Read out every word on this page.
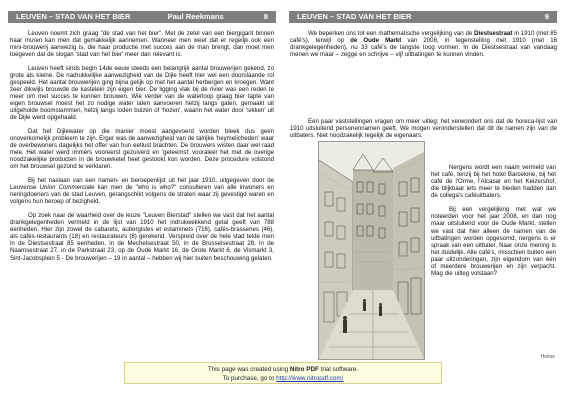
LEUVEN – STAD VAN HET BIER	Paul Reekmans	8

Leuven noemt zich graag "de stad van het bier". Met de zetel van een biergigant binnen haar muren kan men dat gemakkelijk aannemen. Wanneer men weet dat er regelijk ook een mini-brouwerij aanwezig is, die haar productie met succes aan de man brengt, dan moet men toegeven dat de slogan 'stad van het bier' meer dan relevant is.

Leuven heeft sinds begin 14de eeuw steeds een belangrijk aantal brouwerijen gekend, zo grote als kleine. De nadrukkelijke aanwezigheid van de Dijle heeft hier wel een doorslaande rol gespeeld. Het aantal brouwerijen ging bijna gelijk op met het aantal herbergen en kroegen. Want zeer dikwijls brouwde de kastelein zijn eigen bier. De ligging vlak bij de rivier was een reden te meer om met succes te kunnen brouwen. Wie verder van de waterloop graag bier tapte van eigen brouwsel moest het zo nodige water laten aanvoeren hetzij langs gaten, gemaakt uit uitgeholde boomstammen, hetzij langs loden buizen of 'hozen', waarin het water door 'sikken' uit de Dijle werd opgehaald.

Dat het Dijlewater op die manier moest aangevoerd worden bleek dus geen onoverkomelijk probleem te zijn. Erger was de aanwezigheid van de talrijke 'heymelicheden' waar de overbewoners dagelijks het offer van hun eetlust brachten. De brouwers wisten daar wel raad mee. Het water werd immers vooreerst gezuiverd en 'geteemst' vooraleer het met de overige noodzakelijke producten in de brouwketel heet gestookt kon worden. Deze procedure volstond om het brouwsel gezond te verklaren.

Bij het naslaan van een namen- en beroepenlijst uit het jaar 1910, uitgegeven door de Leuvense Union Commerciale kan men de "who is who?" consulteren van alle inwoners en neringdoeners van de stad Leuven, gerangschikt volgens de straten waar zij gevestigd waren en volgens hun beroep of bezigheid.

Op zoek naar de waarheid over de leuze "Leuven Bierstad" stellen we vast dat het aantal drankgelegenheden vermeld in de lijst van 1910 het indrukwekkend getal geeft van 788 eenheden. Hier zijn zowel de cabarets, aubergistes et estaminets (716), cafés-brasseries (46), als cafés-restaurants (18) en restaurateurs (8) gerekend. Verspreid over de hele stad telde men in de Diestsestraat 85 eenheden, in de Mechelsestraat 50, in de Brusselsestraat 28, in de Naamsestraat 27, in de Parkstraat 23, op de Oude Markt 16, de Grote Markt 6, de Vismarkt 3, Sint-Jacobsplein 5 - De brouwerijen – 19 in aantal – hebben wij hier buiten beschouwing gelaten.

LEUVEN – STAD VAN HET BIER	9

We beperken ons tot een mathematische vergelijking van de Diestsestraat in 1910 (met 85 café's), terwijl op de Oude Markt van 2008, in tegenstelling met 1910 (met 16 drankgelegenheden), nu 33 café's de langste toog vormen. In de Diestsestraat van vandaag menen we maar – zegge en schrijve – vijf uitbatingen te kunnen vinden.

Een paar vaststellingen vragen om meer uitleg: het verwondert ons dat de horeca-lijst van 1910 uitsluitend personennamen geeft. We mogen veronderstellen dat dit de namen zijn van de uitbaters. Niet noodzakelijk tegelijk de eigenaars.

Nergens wordt een naam vermeld van het café, tenzij bij het hotel Barcelone, bij het café de l'Orme, l'Alcasar en het Keizershof, die blijkbaar iets meer te bieden hadden dan de collega's caféuitbaters.

Bij een vergelijking met wat we noteerden voor het jaar 2008, en dan nog maar uitsluitend voor de Oude Markt, stellen we vast dat hier alleen de namen van de uitbatingen worden opgesomd, nergens is er spraak van een uitbater. Naar onze mening is het duidelijk. Alle café's, misschien buiten een paar uitzonderingen, zijn eigendom van één of meerdere brouwerijen en zijn verpacht. Mag die uitleg volstaan?

Hoëse
This page was created using Nitro PDF trial software.
To purchase, go to http://www.nitropdf.com/
